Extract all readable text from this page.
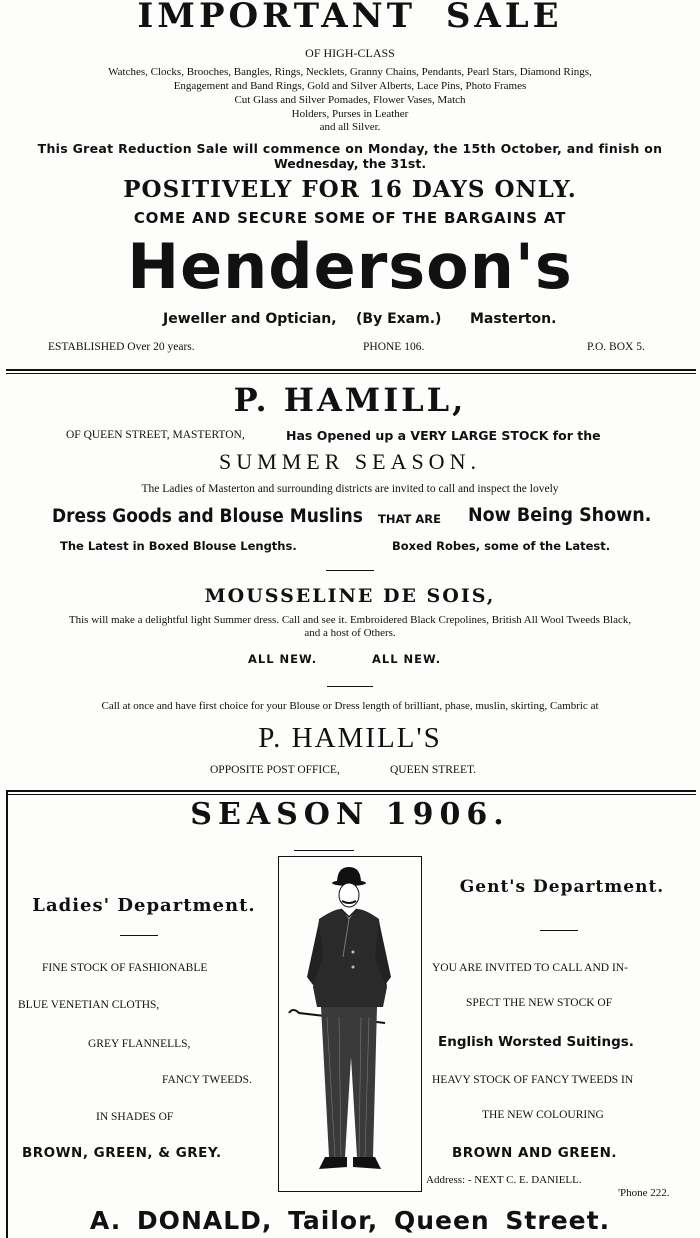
IMPORTANT SALE
OF HIGH-CLASS
Watches, Clocks, Brooches, Bangles, Rings, Necklets, Granny Chains, Pendants, Pearl Stars, Diamond Rings,
Engagement and Band Rings, Gold and Silver Alberts, Lace Pins, Photo Frames
Cut Glass and Silver Pomades, Flower Vases, Match
Holders, Purses in Leather
and all Silver.
This Great Reduction Sale will commence on Monday, the 15th October, and finish on
Wednesday, the 31st.
POSITIVELY FOR 16 DAYS ONLY.
COME AND SECURE SOME OF THE BARGAINS AT
Henderson's
Jeweller and Optician, (By Exam.) Masterton.
ESTABLISHED Over 20 years.	PHONE 106.	P.O. BOX 5.
P. HAMILL,
OF QUEEN STREET, MASTERTON,	Has Opened up a VERY LARGE STOCK for the
SUMMER SEASON.
The Ladies of Masterton and surrounding districts are invited to call and inspect the lovely
Dress Goods and Blouse Muslins THAT ARE Now Being Shown.
The Latest in Boxed Blouse Lengths.	Boxed Robes, some of the Latest.
MOUSSELINE DE SOIS,
This will make a delightful light Summer dress. Call and see it. Embroidered Black Crepolines, British All Wool Tweeds Black,
and a host of Others.
ALL NEW.	ALL NEW.
Call at once and have first choice for your Blouse or Dress length of brilliant, phase, muslin, skirting, Cambric at
P. HAMILL'S
OPPOSITE POST OFFICE,	QUEEN STREET.
SEASON 1906.
Ladies' Department.
FINE STOCK OF FASHIONABLE
BLUE VENETIAN CLOTHS,
GREY FLANNELLS,
FANCY TWEEDS.
IN SHADES OF
BROWN, GREEN, & GREY.
Gent's Department.
YOU ARE INVITED TO CALL AND IN-
SPECT THE NEW STOCK OF
English Worsted Suitings.
HEAVY STOCK OF FANCY TWEEDS IN
THE NEW COLOURING
BROWN AND GREEN.
Address: - NEXT C. E. DANIELL.
'Phone 222.
A. DONALD, Tailor, Queen Street.
